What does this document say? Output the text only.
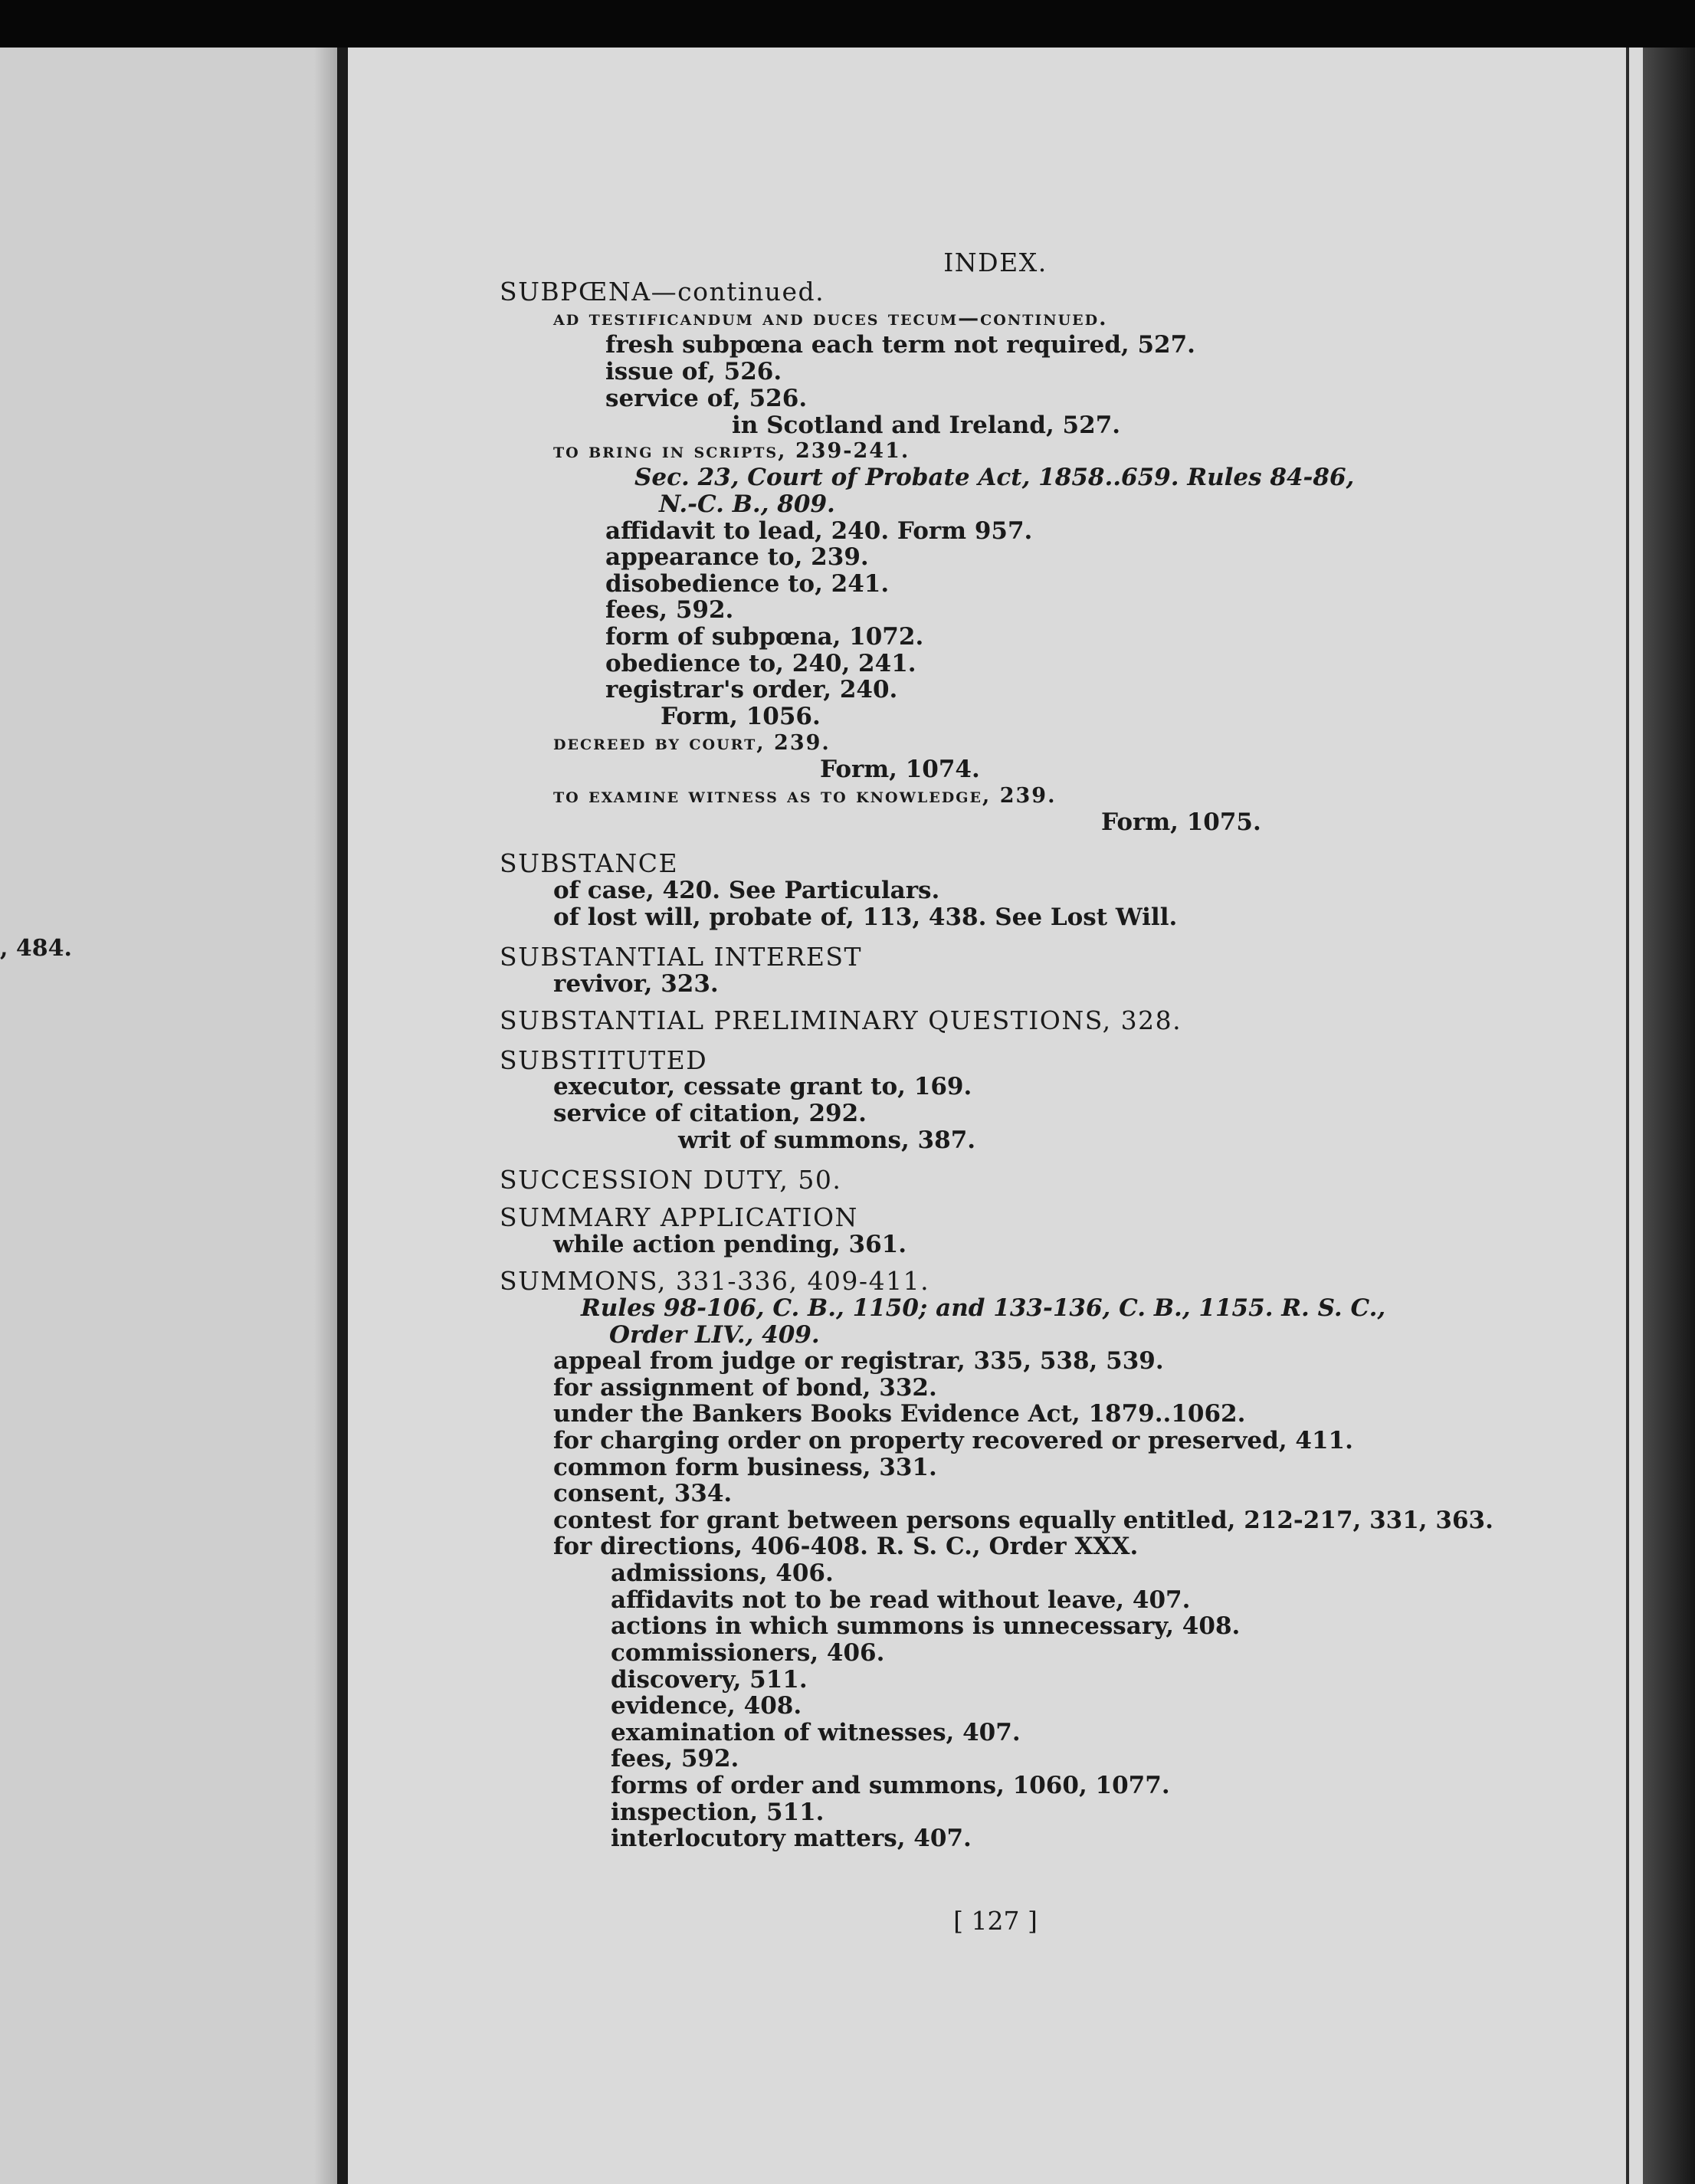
, 484.
INDEX.
SUBPŒNA—continued.
ad testificandum and duces tecum—continued.
fresh subpœna each term not required, 527.
issue of, 526.
service of, 526.
in Scotland and Ireland, 527.
to bring in scripts, 239-241.
Sec. 23, Court of Probate Act, 1858..659. Rules 84-86,
N.-C. B., 809.
affidavit to lead, 240. Form 957.
appearance to, 239.
disobedience to, 241.
fees, 592.
form of subpœna, 1072.
obedience to, 240, 241.
registrar's order, 240.
Form, 1056.
decreed by court, 239.
Form, 1074.
to examine witness as to knowledge, 239.
Form, 1075.
SUBSTANCE
of case, 420. See Particulars.
of lost will, probate of, 113, 438. See Lost Will.
SUBSTANTIAL INTEREST
revivor, 323.
SUBSTANTIAL PRELIMINARY QUESTIONS, 328.
SUBSTITUTED
executor, cessate grant to, 169.
service of citation, 292.
writ of summons, 387.
SUCCESSION DUTY, 50.
SUMMARY APPLICATION
while action pending, 361.
SUMMONS, 331-336, 409-411.
Rules 98-106, C. B., 1150; and 133-136, C. B., 1155. R. S. C.,
Order LIV., 409.
appeal from judge or registrar, 335, 538, 539.
for assignment of bond, 332.
under the Bankers Books Evidence Act, 1879..1062.
for charging order on property recovered or preserved, 411.
common form business, 331.
consent, 334.
contest for grant between persons equally entitled, 212-217, 331, 363.
for directions, 406-408. R. S. C., Order XXX.
admissions, 406.
affidavits not to be read without leave, 407.
actions in which summons is unnecessary, 408.
commissioners, 406.
discovery, 511.
evidence, 408.
examination of witnesses, 407.
fees, 592.
forms of order and summons, 1060, 1077.
inspection, 511.
interlocutory matters, 407.
[ 127 ]
